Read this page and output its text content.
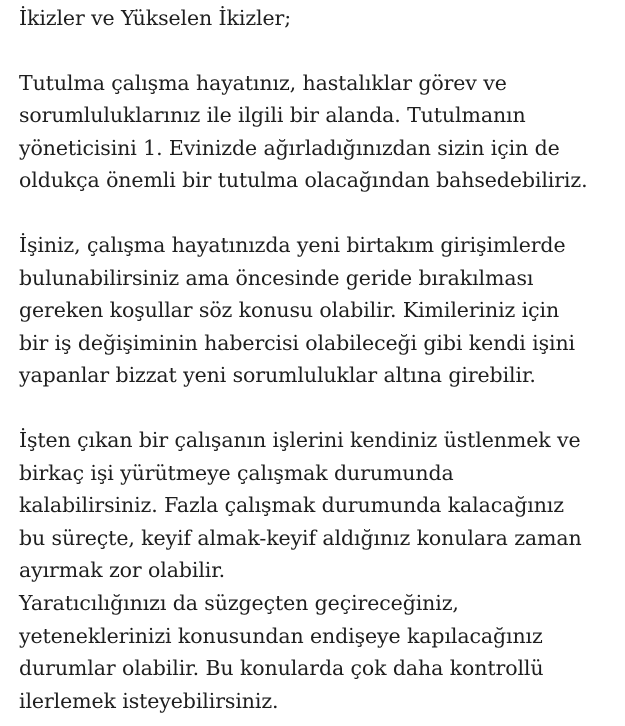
İkizler ve Yükselen İkizler;
Tutulma çalışma hayatınız, hastalıklar görev ve
sorumluluklarınız ile ilgili bir alanda. Tutulmanın
yöneticisini 1. Evinizde ağırladığınızdan sizin için de
oldukça önemli bir tutulma olacağından bahsedebiliriz.
İşiniz, çalışma hayatınızda yeni birtakım girişimlerde
bulunabilirsiniz ama öncesinde geride bırakılması
gereken koşullar söz konusu olabilir. Kimileriniz için
bir iş değişiminin habercisi olabileceği gibi kendi işini
yapanlar bizzat yeni sorumluluklar altına girebilir.
İşten çıkan bir çalışanın işlerini kendiniz üstlenmek ve
birkaç işi yürütmeye çalışmak durumunda
kalabilirsiniz. Fazla çalışmak durumunda kalacağınız
bu süreçte, keyif almak-keyif aldığınız konulara zaman
ayırmak zor olabilir.
Yaratıcılığınızı da süzgeçten geçireceğiniz,
yeteneklerinizi konusundan endişeye kapılacağınız
durumlar olabilir. Bu konularda çok daha kontrollü
ilerlemek isteyebilirsiniz.
